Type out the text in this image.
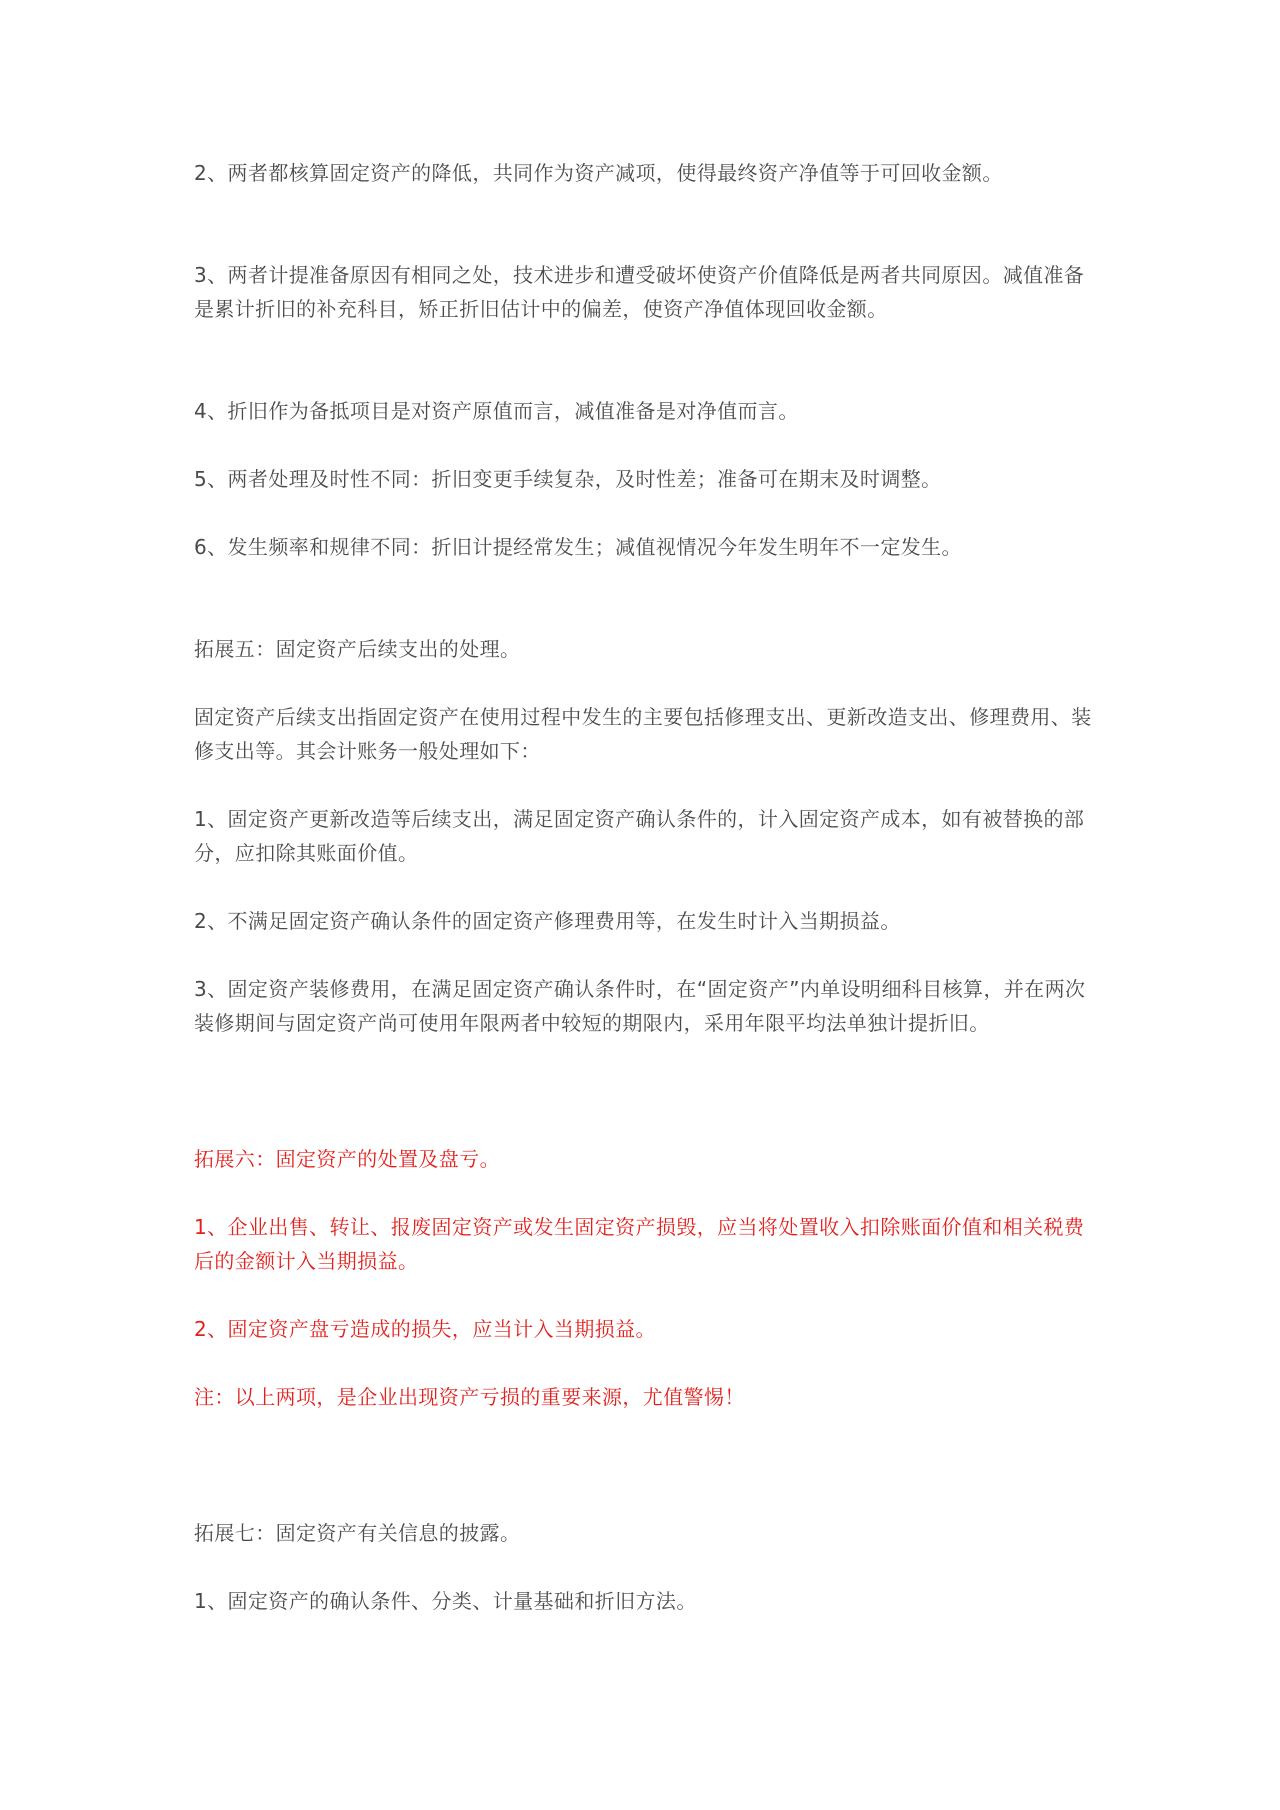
2、两者都核算固定资产的降低，共同作为资产减项，使得最终资产净值等于可回收金额。

3、两者计提准备原因有相同之处，技术进步和遭受破坏使资产价值降低是两者共同原因。减值准备是累计折旧的补充科目，矫正折旧估计中的偏差，使资产净值体现回收金额。

4、折旧作为备抵项目是对资产原值而言，减值准备是对净值而言。

5、两者处理及时性不同：折旧变更手续复杂，及时性差；准备可在期末及时调整。

6、发生频率和规律不同：折旧计提经常发生；减值视情况今年发生明年不一定发生。

拓展五：固定资产后续支出的处理。

固定资产后续支出指固定资产在使用过程中发生的主要包括修理支出、更新改造支出、修理费用、装修支出等。其会计账务一般处理如下：

1、固定资产更新改造等后续支出，满足固定资产确认条件的，计入固定资产成本，如有被替换的部分，应扣除其账面价值。

2、不满足固定资产确认条件的固定资产修理费用等，在发生时计入当期损益。

3、固定资产装修费用，在满足固定资产确认条件时，在“固定资产”内单设明细科目核算，并在两次装修期间与固定资产尚可使用年限两者中较短的期限内，采用年限平均法单独计提折旧。

拓展六：固定资产的处置及盘亏。

1、企业出售、转让、报废固定资产或发生固定资产损毁，应当将处置收入扣除账面价值和相关税费后的金额计入当期损益。

2、固定资产盘亏造成的损失，应当计入当期损益。

注：以上两项，是企业出现资产亏损的重要来源，尤值警惕！

拓展七：固定资产有关信息的披露。

1、固定资产的确认条件、分类、计量基础和折旧方法。
